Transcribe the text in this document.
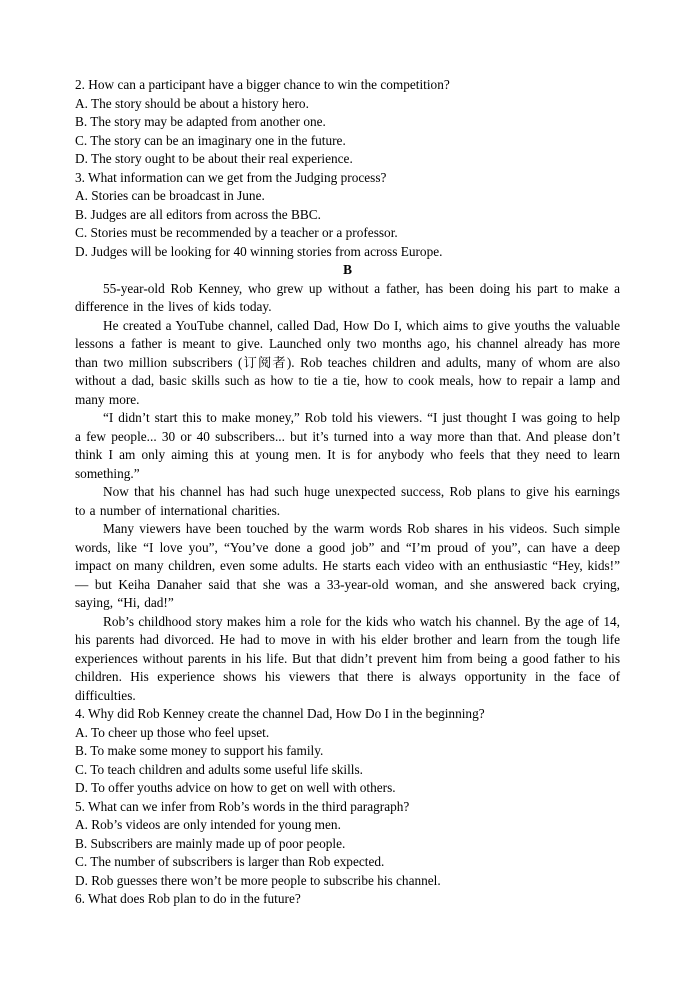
2. How can a participant have a bigger chance to win the competition?
A. The story should be about a history hero.
B. The story may be adapted from another one.
C. The story can be an imaginary one in the future.
D. The story ought to be about their real experience.
3. What information can we get from the Judging process?
A. Stories can be broadcast in June.
B. Judges are all editors from across the BBC.
C. Stories must be recommended by a teacher or a professor.
D. Judges will be looking for 40 winning stories from across Europe.
B
55-year-old Rob Kenney, who grew up without a father, has been doing his part to make a difference in the lives of kids today.
He created a YouTube channel, called Dad, How Do I, which aims to give youths the valuable lessons a father is meant to give. Launched only two months ago, his channel already has more than two million subscribers (订阅者). Rob teaches children and adults, many of whom are also without a dad, basic skills such as how to tie a tie, how to cook meals, how to repair a lamp and many more.
“I didn’t start this to make money,” Rob told his viewers. “I just thought I was going to help a few people... 30 or 40 subscribers... but it’s turned into a way more than that. And please don’t think I am only aiming this at young men. It is for anybody who feels that they need to learn something.”
Now that his channel has had such huge unexpected success, Rob plans to give his earnings to a number of international charities.
Many viewers have been touched by the warm words Rob shares in his videos. Such simple words, like “I love you”, “You’ve done a good job” and “I’m proud of you”, can have a deep impact on many children, even some adults. He starts each video with an enthusiastic “Hey, kids!” — but Keiha Danaher said that she was a 33-year-old woman, and she answered back crying, saying, “Hi, dad!”
Rob’s childhood story makes him a role for the kids who watch his channel. By the age of 14, his parents had divorced. He had to move in with his elder brother and learn from the tough life experiences without parents in his life. But that didn’t prevent him from being a good father to his children. His experience shows his viewers that there is always opportunity in the face of difficulties.
4. Why did Rob Kenney create the channel Dad, How Do I in the beginning?
A. To cheer up those who feel upset.
B. To make some money to support his family.
C. To teach children and adults some useful life skills.
D. To offer youths advice on how to get on well with others.
5. What can we infer from Rob’s words in the third paragraph?
A. Rob’s videos are only intended for young men.
B. Subscribers are mainly made up of poor people.
C. The number of subscribers is larger than Rob expected.
D. Rob guesses there won’t be more people to subscribe his channel.
6. What does Rob plan to do in the future?
